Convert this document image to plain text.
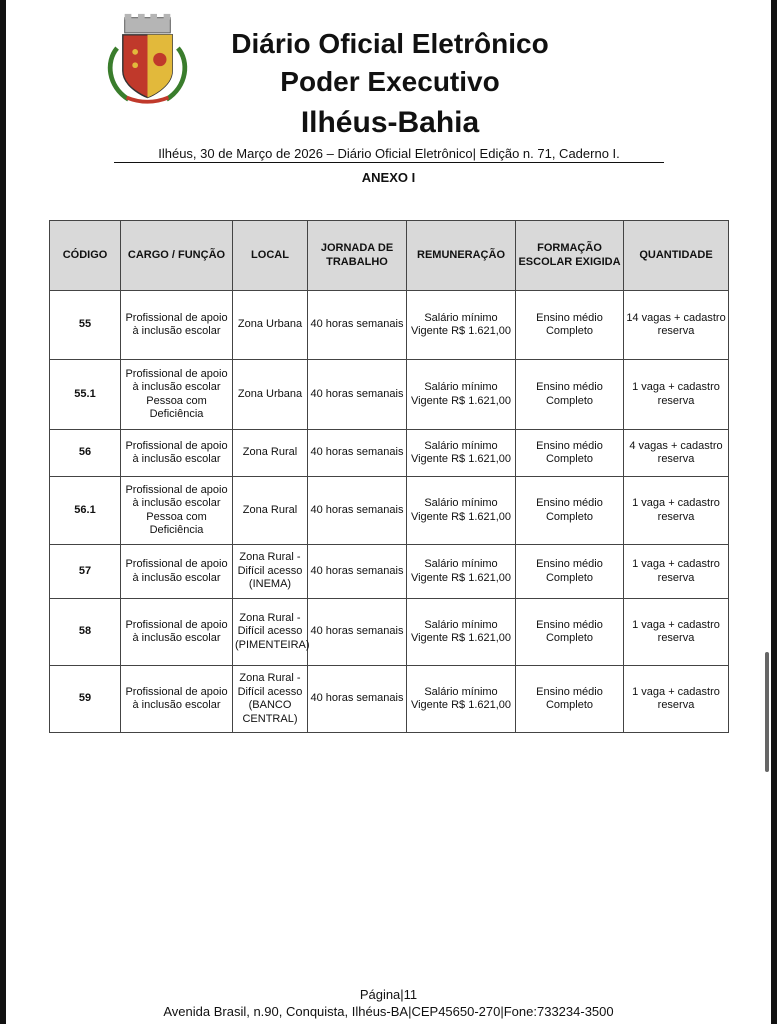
Diário Oficial Eletrônico
Poder Executivo
Ilhéus-Bahia
Ilhéus, 30 de Março de 2026 – Diário Oficial Eletrônico| Edição n. 71, Caderno I.
ANEXO I
CÓDIGO	CARGO / FUNÇÃO	LOCAL	JORNADA DE TRABALHO	REMUNERAÇÃO	FORMAÇÃO ESCOLAR EXIGIDA	QUANTIDADE
55	Profissional de apoio à inclusão escolar	Zona Urbana	40 horas semanais	Salário mínimo Vigente R$ 1.621,00	Ensino médio Completo	14 vagas + cadastro reserva
55.1	Profissional de apoio à inclusão escolar Pessoa com Deficiência	Zona Urbana	40 horas semanais	Salário mínimo Vigente R$ 1.621,00	Ensino médio Completo	1 vaga + cadastro reserva
56	Profissional de apoio à inclusão escolar	Zona Rural	40 horas semanais	Salário mínimo Vigente R$ 1.621,00	Ensino médio Completo	4 vagas + cadastro reserva
56.1	Profissional de apoio à inclusão escolar Pessoa com Deficiência	Zona Rural	40 horas semanais	Salário mínimo Vigente R$ 1.621,00	Ensino médio Completo	1 vaga + cadastro reserva
57	Profissional de apoio à inclusão escolar	Zona Rural - Difícil acesso (INEMA)	40 horas semanais	Salário mínimo Vigente R$ 1.621,00	Ensino médio Completo	1 vaga + cadastro reserva
58	Profissional de apoio à inclusão escolar	Zona Rural - Difícil acesso (PIMENTEIRA)	40 horas semanais	Salário mínimo Vigente R$ 1.621,00	Ensino médio Completo	1 vaga + cadastro reserva
59	Profissional de apoio à inclusão escolar	Zona Rural - Difícil acesso (BANCO CENTRAL)	40 horas semanais	Salário mínimo Vigente R$ 1.621,00	Ensino médio Completo	1 vaga + cadastro reserva
Página|11
Avenida Brasil, n.90, Conquista, Ilhéus-BA|CEP45650-270|Fone:733234-3500
